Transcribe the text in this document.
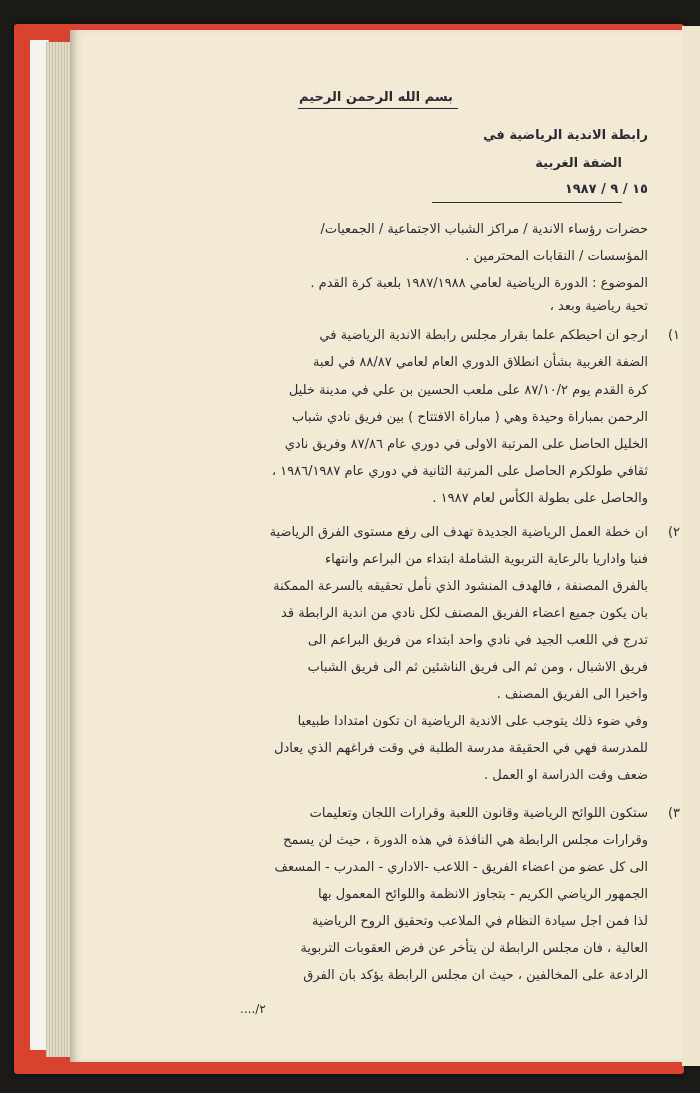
بسم الله الرحمن الرحيم
رابطة الاندية الرياضية في
الضفة الغربية
١٥ / ٩ / ١٩٨٧
حضرات رؤساء الاندية / مراكز الشباب الاجتماعية / الجمعيات/
المؤسسات / النقابات المحترمين .
الموضوع : الدورة الرياضية لعامي ١٩٨٧/١٩٨٨ بلعبة كرة القدم .
تحية رياضية وبعد ،
١)
ارجو ان احيطكم علما بقرار مجلس رابطة الاندية الرياضية في
الضفة الغربية بشأن انطلاق الدوري العام لعامي ٨٨/٨٧ في لعبة
كرة القدم يوم ٨٧/١٠/٢ على ملعب الحسين بن علي في مدينة خليل
الرحمن بمباراة وحيدة وهي ( مباراة الافتتاح ) بين فريق نادي شباب
الخليل الحاصل على المرتبة الاولى في دوري عام ٨٧/٨٦ وفريق نادي
ثقافي طولكرم الحاصل على المرتبة الثانية في دوري عام ١٩٨٦/١٩٨٧ ،
والحاصل على بطولة الكأس لعام ١٩٨٧ .
٢)
ان خطة العمل الرياضية الجديدة تهدف الى رفع مستوى الفرق الرياضية
فنيا واداريا بالرعاية التربوية الشاملة ابتداء من البراعم وانتهاء
بالفرق المصنفة ، فالهدف المنشود الذي نأمل تحقيقه بالسرعة الممكنة
بان يكون جميع اعضاء الفريق المصنف لكل نادي من اندية الرابطة قد
تدرج في اللعب الجيد في نادي واحد ابتداء من فريق البراعم الى
فريق الاشبال ، ومن ثم الى فريق الناشئين ثم الى فريق الشباب
واخيرا الى الفريق المصنف .
وفي ضوء ذلك يتوجب على الاندية الرياضية ان تكون امتدادا طبيعيا
للمدرسة فهي في الحقيقة مدرسة الطلبة في وقت فراغهم الذي يعادل
ضعف وقت الدراسة او العمل .
٣)
ستكون اللوائح الرياضية وقانون اللعبة وقرارات اللجان وتعليمات
وقرارات مجلس الرابطة هي النافذة في هذه الدورة ، حيث لن يسمح
الى كل عضو من اعضاء الفريق - اللاعب -الاداري - المدرب - المسعف
الجمهور الرياضي الكريم - بتجاوز الانظمة واللوائح المعمول بها
لذا فمن اجل سيادة النظام في الملاعب وتحقيق الروح الرياضية
العالية ، فان مجلس الرابطة لن يتأخر عن فرض العقوبات التربوية
الرادعة على المخالفين ، حيث ان مجلس الرابطة يؤكد بان الفرق
٢/....
